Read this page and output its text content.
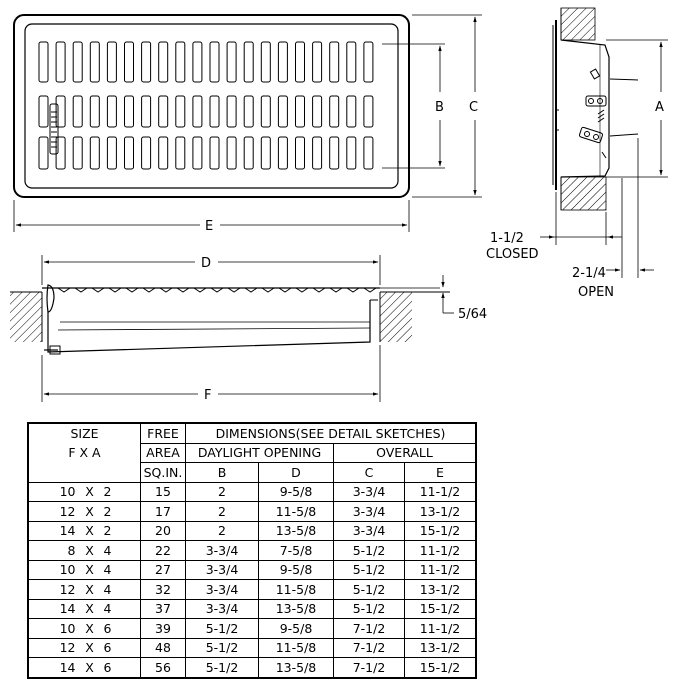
B C
E
A
1-1/2
CLOSED
2-1/4
OPEN
D
F
5/64
SIZE	FREE	DIMENSIONS(SEE DETAIL SKETCHES)			
F X A	AREA	DAYLIGHT OPENING		OVERALL	
	SQ.IN.	B	D	C	E
10 X 2	15	2	9-5/8	3-3/4	11-1/2
12 X 2	17	2	11-5/8	3-3/4	13-1/2
14 X 2	20	2	13-5/8	3-3/4	15-1/2
8 X 4	22	3-3/4	7-5/8	5-1/2	11-1/2
10 X 4	27	3-3/4	9-5/8	5-1/2	11-1/2
12 X 4	32	3-3/4	11-5/8	5-1/2	13-1/2
14 X 4	37	3-3/4	13-5/8	5-1/2	15-1/2
10 X 6	39	5-1/2	9-5/8	7-1/2	11-1/2
12 X 6	48	5-1/2	11-5/8	7-1/2	13-1/2
14 X 6	56	5-1/2	13-5/8	7-1/2	15-1/2
